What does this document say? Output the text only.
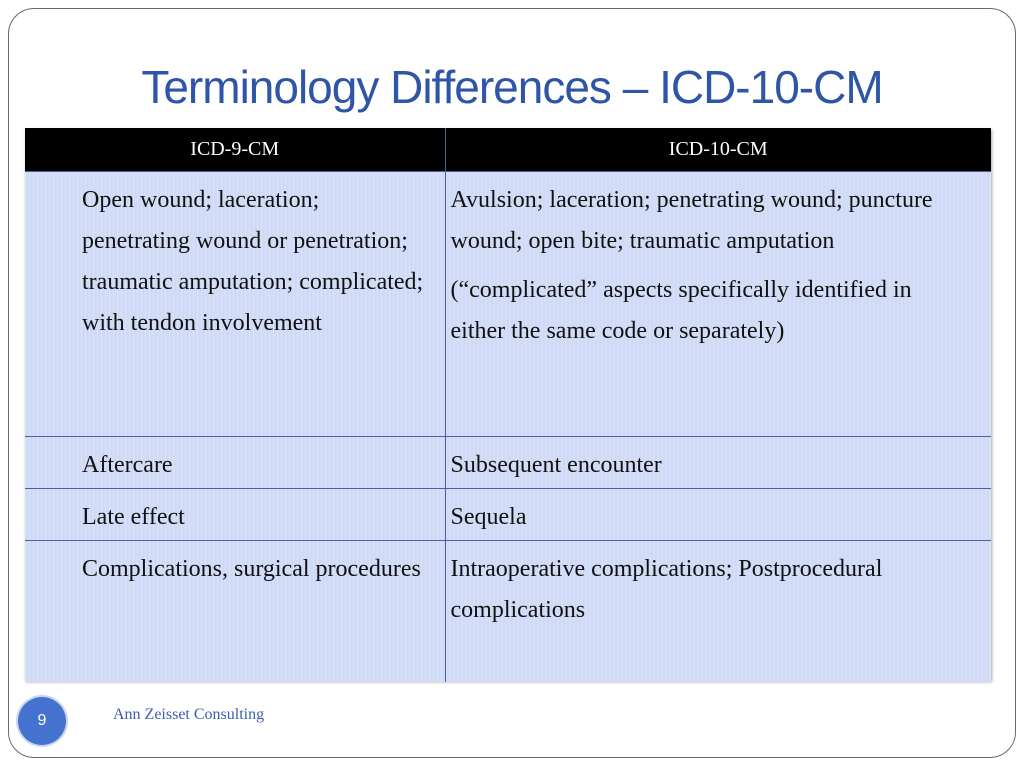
Terminology Differences – ICD-10-CM
ICD-9-CM	ICD-10-CM
Open wound; laceration; penetrating wound or penetration; traumatic amputation; complicated; with tendon involvement	Avulsion; laceration; penetrating wound; puncture wound; open bite; traumatic amputation
(“complicated” aspects specifically identified in either the same code or separately)

Aftercare	Subsequent encounter
Late effect	Sequela
Complications, surgical procedures	Intraoperative complications; Postprocedural complications
9	Ann Zeisset Consulting
